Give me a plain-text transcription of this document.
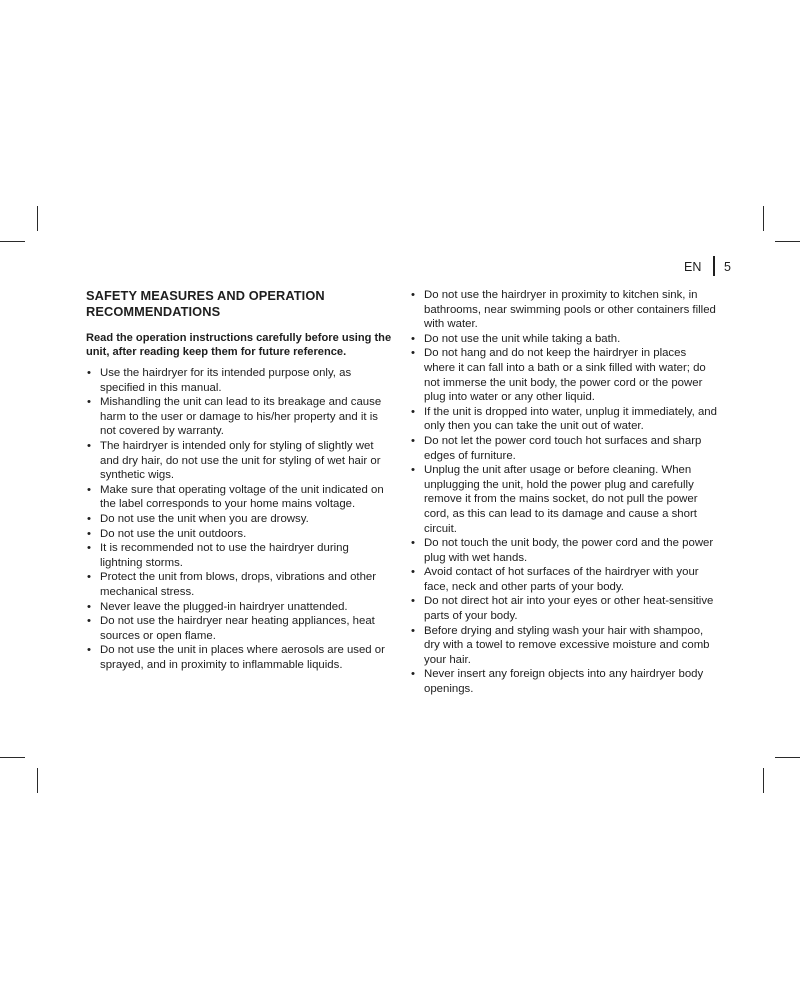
EN 5
SAFETY MEASURES AND OPERATION
RECOMMENDATIONS
Read the operation instructions carefully before using the unit, after reading keep them for future reference.
• Use the hairdryer for its intended purpose only, as specified in this manual.
• Mishandling the unit can lead to its breakage and cause harm to the user or damage to his/her property and it is not covered by warranty.
• The hairdryer is intended only for styling of slightly wet and dry hair, do not use the unit for styling of wet hair or synthetic wigs.
• Make sure that operating voltage of the unit indicated on the label corresponds to your home mains voltage.
• Do not use the unit when you are drowsy.
• Do not use the unit outdoors.
• It is recommended not to use the hairdryer during lightning storms.
• Protect the unit from blows, drops, vibrations and other mechanical stress.
• Never leave the plugged-in hairdryer unattended.
• Do not use the hairdryer near heating appliances, heat sources or open flame.
• Do not use the unit in places where aerosols are used or sprayed, and in proximity to inflammable liquids.
• Do not use the hairdryer in proximity to kitchen sink, in bathrooms, near swimming pools or other containers filled with water.
• Do not use the unit while taking a bath.
• Do not hang and do not keep the hairdryer in places where it can fall into a bath or a sink filled with water; do not immerse the unit body, the power cord or the power plug into water or any other liquid.
• If the unit is dropped into water, unplug it immediately, and only then you can take the unit out of water.
• Do not let the power cord touch hot surfaces and sharp edges of furniture.
• Unplug the unit after usage or before cleaning. When unplugging the unit, hold the power plug and carefully remove it from the mains socket, do not pull the power cord, as this can lead to its damage and cause a short circuit.
• Do not touch the unit body, the power cord and the power plug with wet hands.
• Avoid contact of hot surfaces of the hairdryer with your face, neck and other parts of your body.
• Do not direct hot air into your eyes or other heat-sensitive parts of your body.
• Before drying and styling wash your hair with shampoo, dry with a towel to remove excessive moisture and comb your hair.
• Never insert any foreign objects into any hairdryer body openings.
